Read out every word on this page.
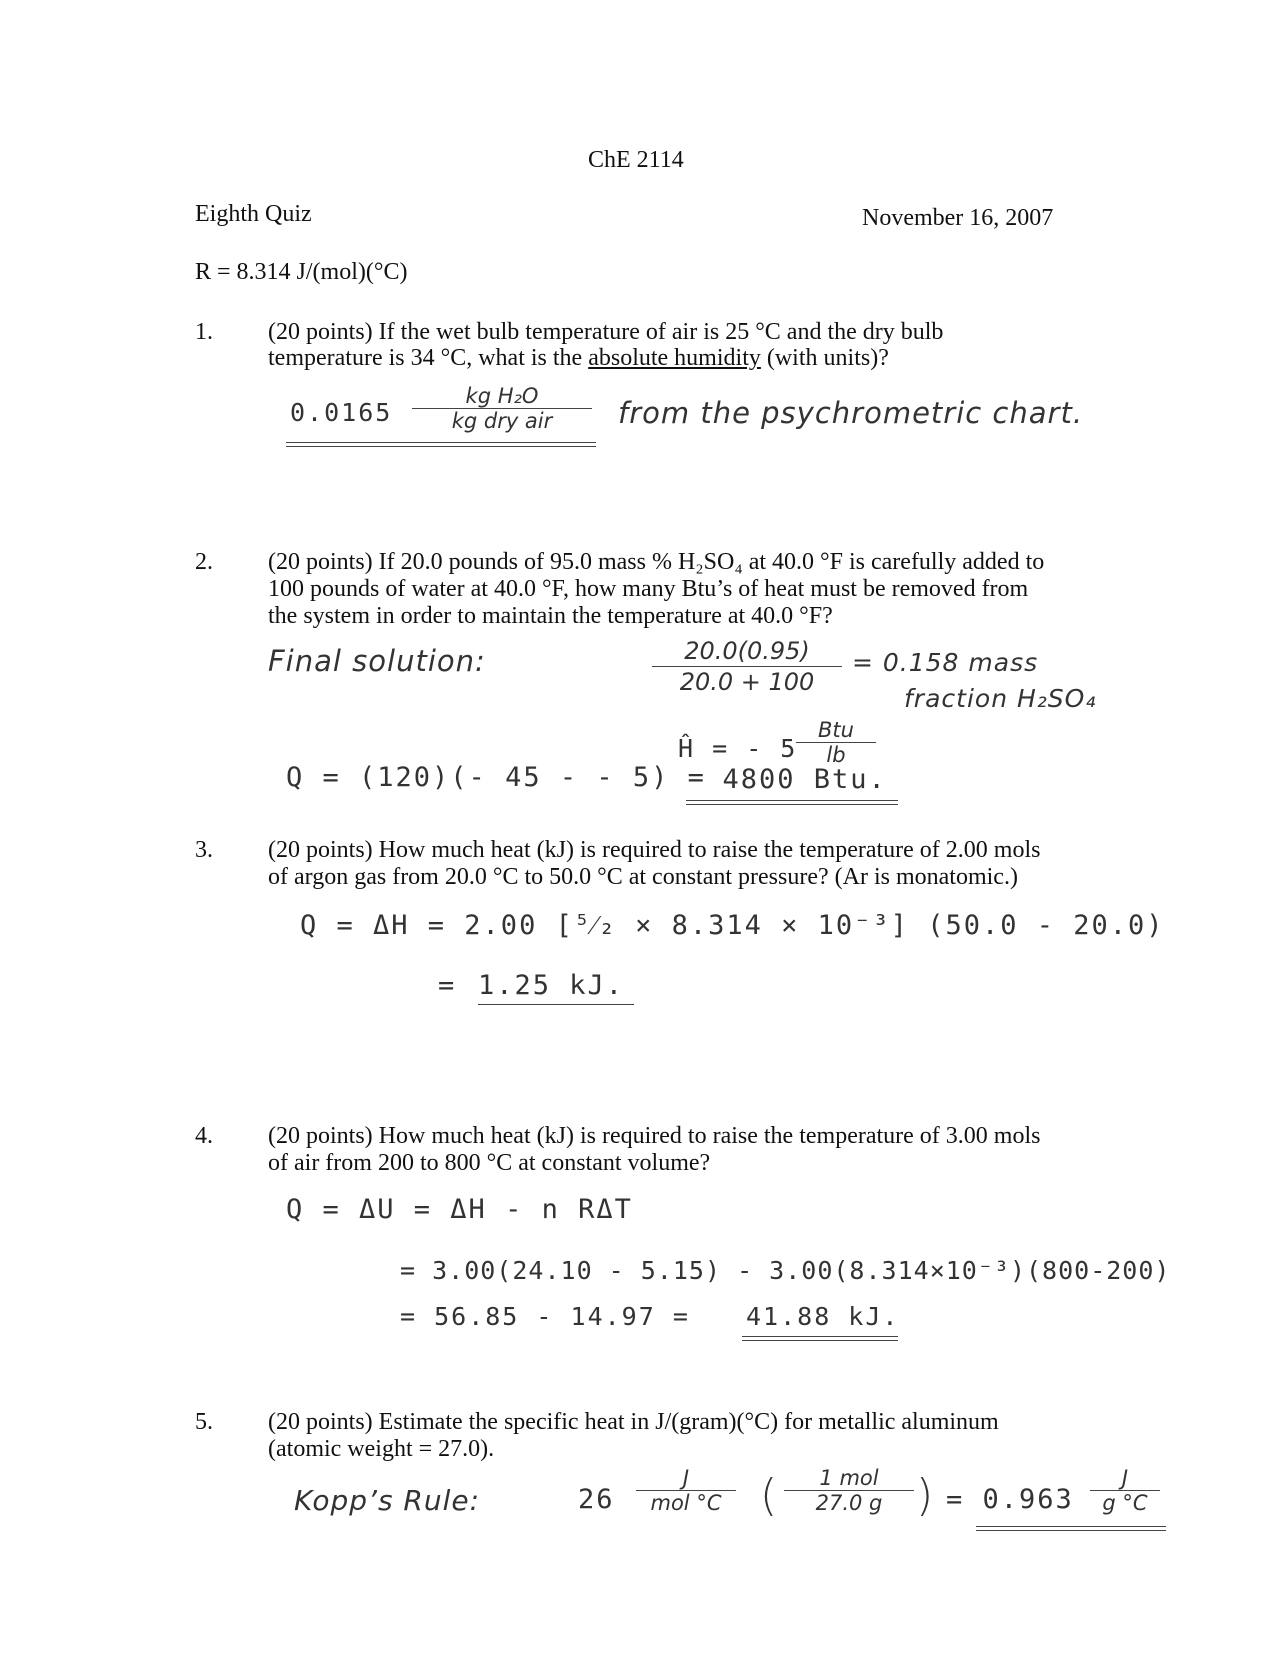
ChE 2114
Eighth Quiz	November 16, 2007
R = 8.314 J/(mol)(°C)
1. (20 points) If the wet bulb temperature of air is 25 °C and the dry bulb
temperature is 34 °C, what is the absolute humidity (with units)?
0.0165
kg H₂O
kg dry air	from the psychrometric chart.
2. (20 points) If 20.0 pounds of 95.0 mass % H₂SO₄ at 40.0 °F is carefully added to
100 pounds of water at 40.0 °F, how many Btu’s of heat must be removed from
the system in order to maintain the temperature at 40.0 °F?
Final solution:	$\frac{20.0(0.95)}{20.0 + 100} = 0.158$ mass
fraction H₂SO₄
Ĥ = - 5
Btu
lb
Q = (120)(- 45 - - 5) =
- 4800 Btu.
3. (20 points) How much heat (kJ) is required to raise the temperature of 2.00 mols
of argon gas from 20.0 °C to 50.0 °C at constant pressure? (Ar is monatomic.)
Q = ΔH = 2.00 [⁵⁄₂ × 8.314 × 10⁻³] (50.0 - 20.0)
= 1.25 kJ.
4. (20 points) How much heat (kJ) is required to raise the temperature of 3.00 mols
of air from 200 to 800 °C at constant volume?
Q = ΔU = ΔH - n RΔT
= 3.00(24.10 - 5.15) - 3.00(8.314×10⁻³)(800-200)
= 56.85 - 14.97 = 41.88 kJ.
5. (20 points) Estimate the specific heat in J/(gram)(°C) for metallic aluminum
(atomic weight = 27.0).
Kopp’s Rule:	26
J
mol °C (	1 mol
27.0 g ) = $0.963 \frac{J}{g ^\circ C}$
